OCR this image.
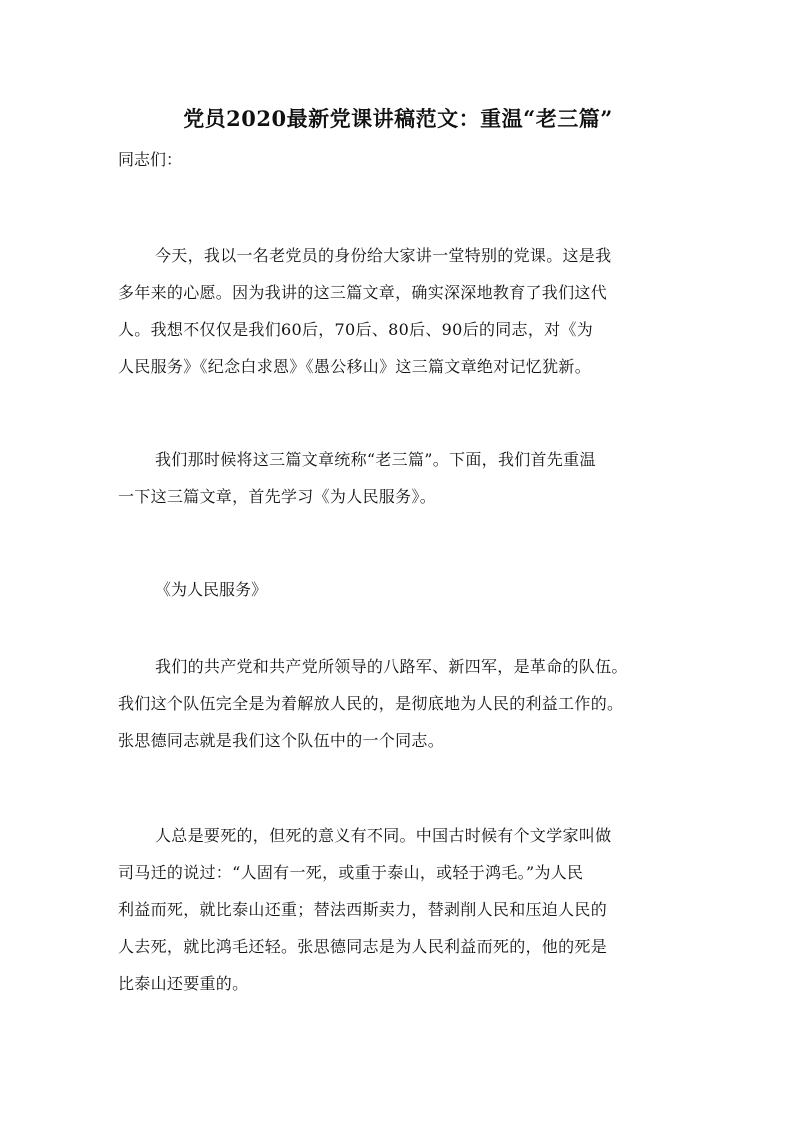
党员2020最新党课讲稿范文：重温“老三篇”
同志们：
今天，我以一名老党员的身份给大家讲一堂特别的党课。这是我
多年来的心愿。因为我讲的这三篇文章，确实深深地教育了我们这代
人。我想不仅仅是我们60后，70后、80后、90后的同志，对《为
人民服务》《纪念白求恩》《愚公移山》这三篇文章绝对记忆犹新。
我们那时候将这三篇文章统称“老三篇”。下面，我们首先重温
一下这三篇文章，首先学习《为人民服务》。
《为人民服务》
我们的共产党和共产党所领导的八路军、新四军，是革命的队伍。
我们这个队伍完全是为着解放人民的，是彻底地为人民的利益工作的。
张思德同志就是我们这个队伍中的一个同志。
人总是要死的，但死的意义有不同。中国古时候有个文学家叫做
司马迁的说过：“人固有一死，或重于泰山，或轻于鸿毛。”为人民
利益而死，就比泰山还重；替法西斯卖力，替剥削人民和压迫人民的
人去死，就比鸿毛还轻。张思德同志是为人民利益而死的，他的死是
比泰山还要重的。
